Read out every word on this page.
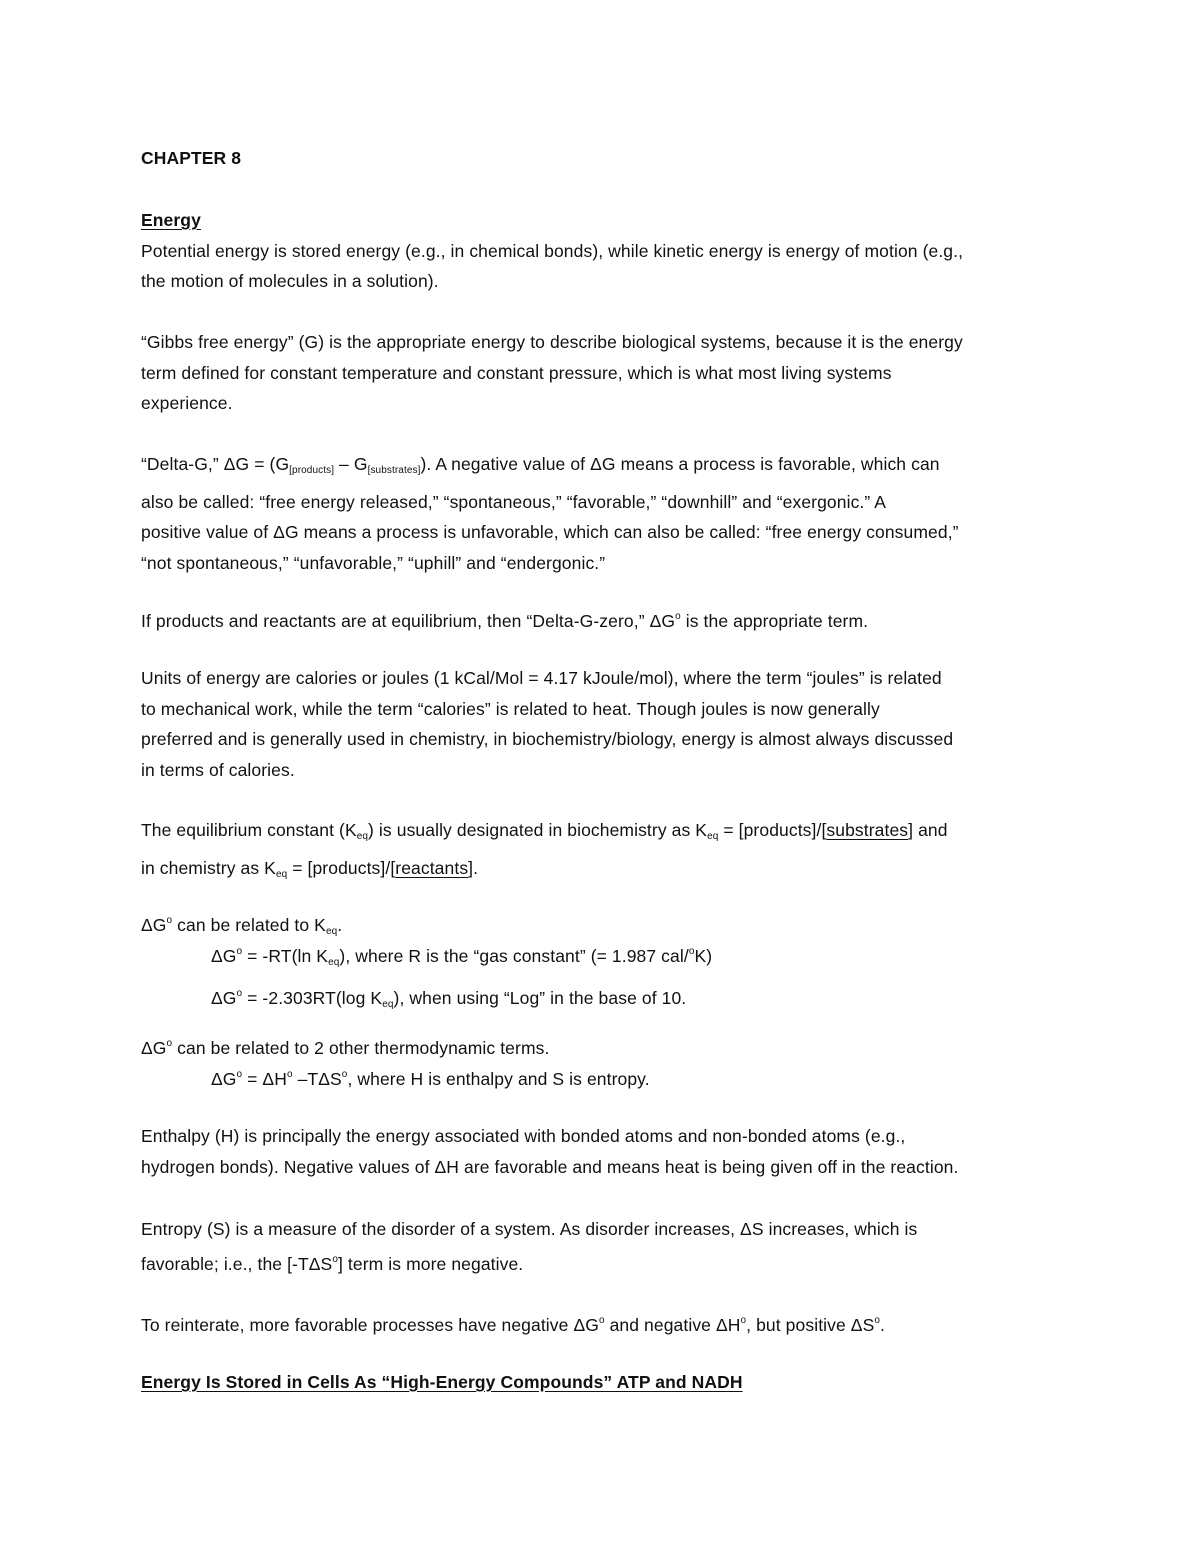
CHAPTER 8

Energy
Potential energy is stored energy (e.g., in chemical bonds), while kinetic energy is energy of motion (e.g.,
the motion of molecules in a solution).

“Gibbs free energy” (G) is the appropriate energy to describe biological systems, because it is the energy
term defined for constant temperature and constant pressure, which is what most living systems
experience.

“Delta-G,” $\Delta G = (G_{[products]} - G_{[substrates]})$. A negative value of ΔG means a process is favorable, which can
also be called: “free energy released,” “spontaneous,” “favorable,” “downhill” and “exergonic.” A
positive value of ΔG means a process is unfavorable, which can also be called: “free energy consumed,”
“not spontaneous,” “unfavorable,” “uphill” and “endergonic.”

If products and reactants are at equilibrium, then “Delta-G-zero,” $\Delta G^o$ is the appropriate term.

Units of energy are calories or joules (1 kCal/Mol = 4.17 kJoule/mol), where the term “joules” is related
to mechanical work, while the term “calories” is related to heat. Though joules is now generally
preferred and is generally used in chemistry, in biochemistry/biology, energy is almost always discussed
in terms of calories.

The equilibrium constant $(K_{eq})$ is usually designated in biochemistry as $K_{eq}$ = [products]/[substrates] and
in chemistry as $K_{eq}$ = [products]/[reactants].

$\Delta G^o$ can be related to $K_{eq}$.

$\Delta G^o = -RT(\ln$ $K_{eq}$), where R is the “gas constant” (= 1.987 cal/$^o$K)
$\Delta G^o = -2.303RT(\log$ $K_{eq}$), when using “Log” in the base of 10.

$\Delta G^o$ can be related to 2 other thermodynamic terms.

$\Delta G^o = \Delta H^o$ –TΔS$^o$, where H is enthalpy and S is entropy.

Enthalpy (H) is principally the energy associated with bonded atoms and non-bonded atoms (e.g.,
hydrogen bonds). Negative values of ΔH are favorable and means heat is being given off in the reaction.

Entropy (S) is a measure of the disorder of a system. As disorder increases, ΔS increases, which is
favorable; i.e., the [-TΔS$^o$] term is more negative.

To reinterate, more favorable processes have negative $\Delta G^o$ and negative $\Delta H^o$, but positive $\Delta S^o$.

Energy Is Stored in Cells As “High-Energy Compounds” ATP and NADH
